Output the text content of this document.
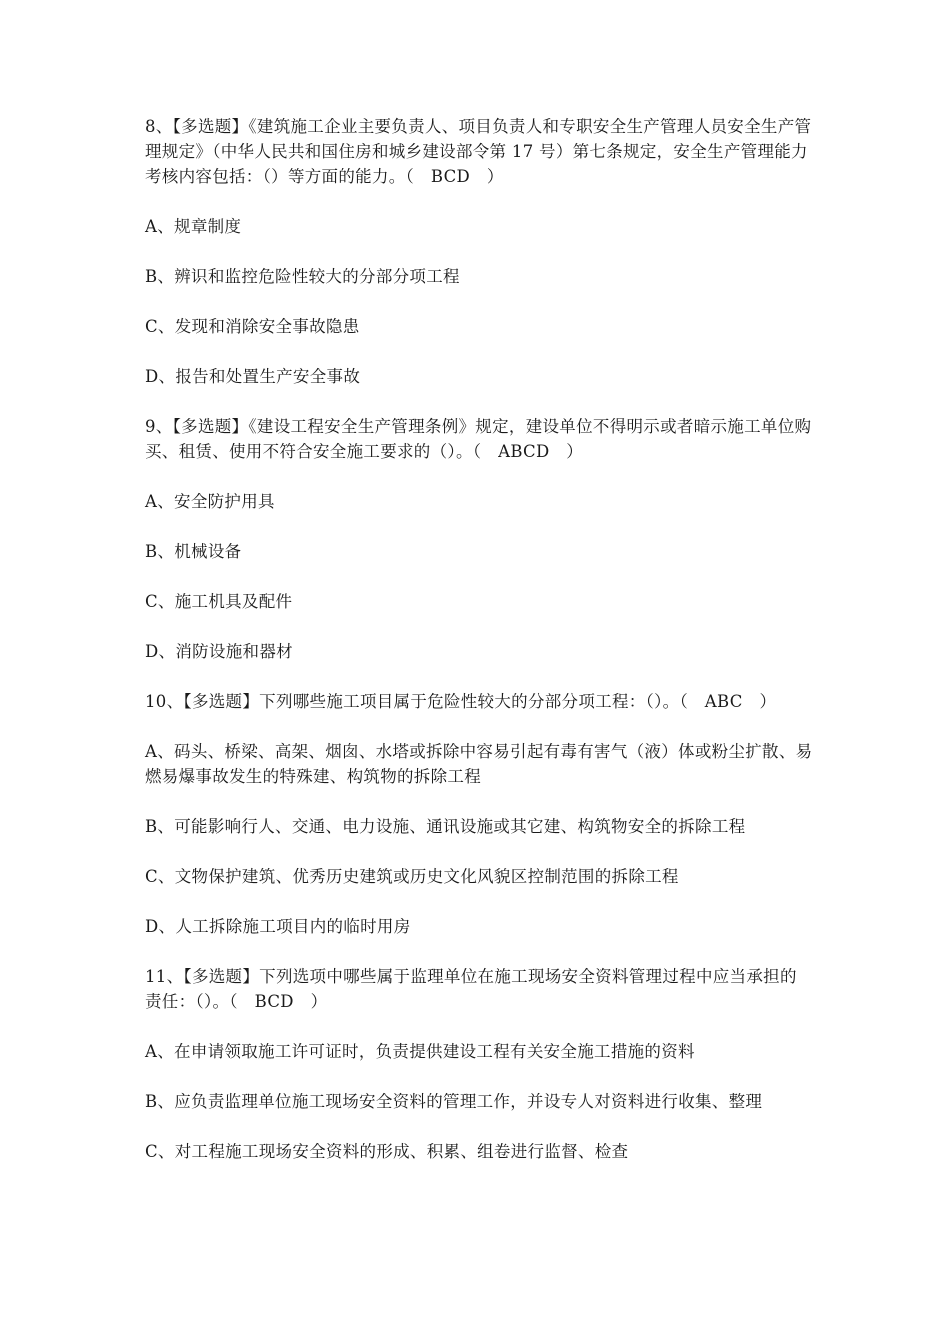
8、【多选题】《建筑施工企业主要负责人、项目负责人和专职安全生产管理人员安全生产管理规定》（中华人民共和国住房和城乡建设部令第 17 号）第七条规定，安全生产管理能力考核内容包括：（）等方面的能力。（　BCD　）

A、规章制度

B、辨识和监控危险性较大的分部分项工程

C、发现和消除安全事故隐患

D、报告和处置生产安全事故

9、【多选题】《建设工程安全生产管理条例》规定，建设单位不得明示或者暗示施工单位购买、租赁、使用不符合安全施工要求的（）。（　ABCD　）

A、安全防护用具

B、机械设备

C、施工机具及配件

D、消防设施和器材

10、【多选题】下列哪些施工项目属于危险性较大的分部分项工程：（）。（　ABC　）

A、码头、桥梁、高架、烟囱、水塔或拆除中容易引起有毒有害气（液）体或粉尘扩散、易燃易爆事故发生的特殊建、构筑物的拆除工程

B、可能影响行人、交通、电力设施、通讯设施或其它建、构筑物安全的拆除工程

C、文物保护建筑、优秀历史建筑或历史文化风貌区控制范围的拆除工程

D、人工拆除施工项目内的临时用房

11、【多选题】下列选项中哪些属于监理单位在施工现场安全资料管理过程中应当承担的责任：（）。（　BCD　）

A、在申请领取施工许可证时，负责提供建设工程有关安全施工措施的资料

B、应负责监理单位施工现场安全资料的管理工作，并设专人对资料进行收集、整理

C、对工程施工现场安全资料的形成、积累、组卷进行监督、检查
